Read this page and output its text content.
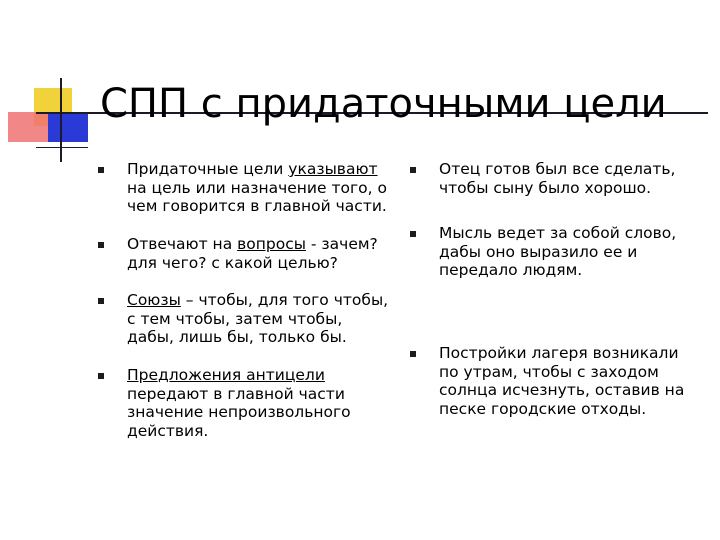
СПП с придаточными цели
Придаточные цели указывают на цель или назначение того, о чем говорится в главной части.
Отвечают на вопросы - зачем? для чего? с какой целью?
Союзы – чтобы, для того чтобы, с тем чтобы, затем чтобы, дабы, лишь бы, только бы.
Предложения антицели передают в главной части значение непроизвольного действия.
Отец готов был все сделать, чтобы сыну было хорошо.
Мысль ведет за собой слово, дабы оно выразило ее и передало людям.
Постройки лагеря возникали по утрам, чтобы с заходом солнца исчезнуть, оставив на песке городские отходы.
